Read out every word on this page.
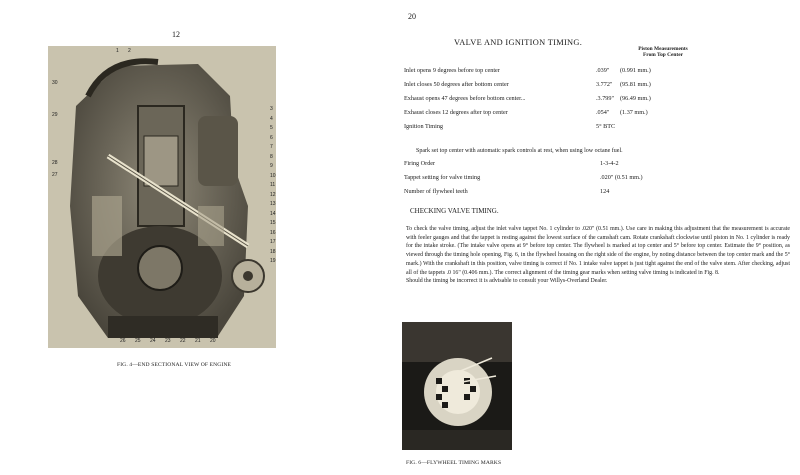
12
FIG. 4—END SECTIONAL VIEW OF ENGINE
20
VALVE AND IGNITION TIMING.
Piston Measurements
From Top Center
Inlet opens 9 degrees before top center	.039" (0.991 mm.)
Inlet closes 50 degrees after bottom center	3.772" (95.81 mm.)
Exhaust opens 47 degrees before bottom center...	.3.799" (96.49 mm.)
Exhaust closes 12 degrees after top center	.054" (1.37 mm.)
Ignition Timing	5° BTC
Spark set top center with automatic spark controls at rest, when using low octane fuel.
Firing Order	1-3-4-2
Tappet setting for valve timing	.020" (0.51 mm.)
Number of flywheel teeth	124
CHECKING VALVE TIMING.
To check the valve timing, adjust the inlet valve tappet No. 1 cylinder to .020" (0.51 mm.). Use care in making this adjustment that the measurement is accurate with feeler gauges and that the tappet is resting against the lowest surface of the camshaft cam. Rotate crankshaft clockwise until piston in No. 1 cylinder is ready for the intake stroke. (The intake valve opens at 9° before top center. The flywheel is marked at top center and 5° before top center. Estimate the 9° position, as viewed through the timing hole opening, Fig. 6, in the flywheel housing on the right side of the engine, by noting distance between the top center mark and the 5° mark.) With the crankshaft in this position, valve timing is correct if No. 1 intake valve tappet is just tight against the end of the valve stem. After checking, adjust all of the tappets .0 16" (0.406 mm.). The correct alignment of the timing gear marks when setting valve timing is indicated in Fig. 8.
Should the timing be incorrect it is advisable to consult your Willys-Overland Dealer.
FIG. 6—FLYWHEEL TIMING MARKS
1 2
30
29
28
27
3
4
5
6
7
8
9
10
11
12
13
14
15
16
17
18
19
26 25 24 23 22 21 20
